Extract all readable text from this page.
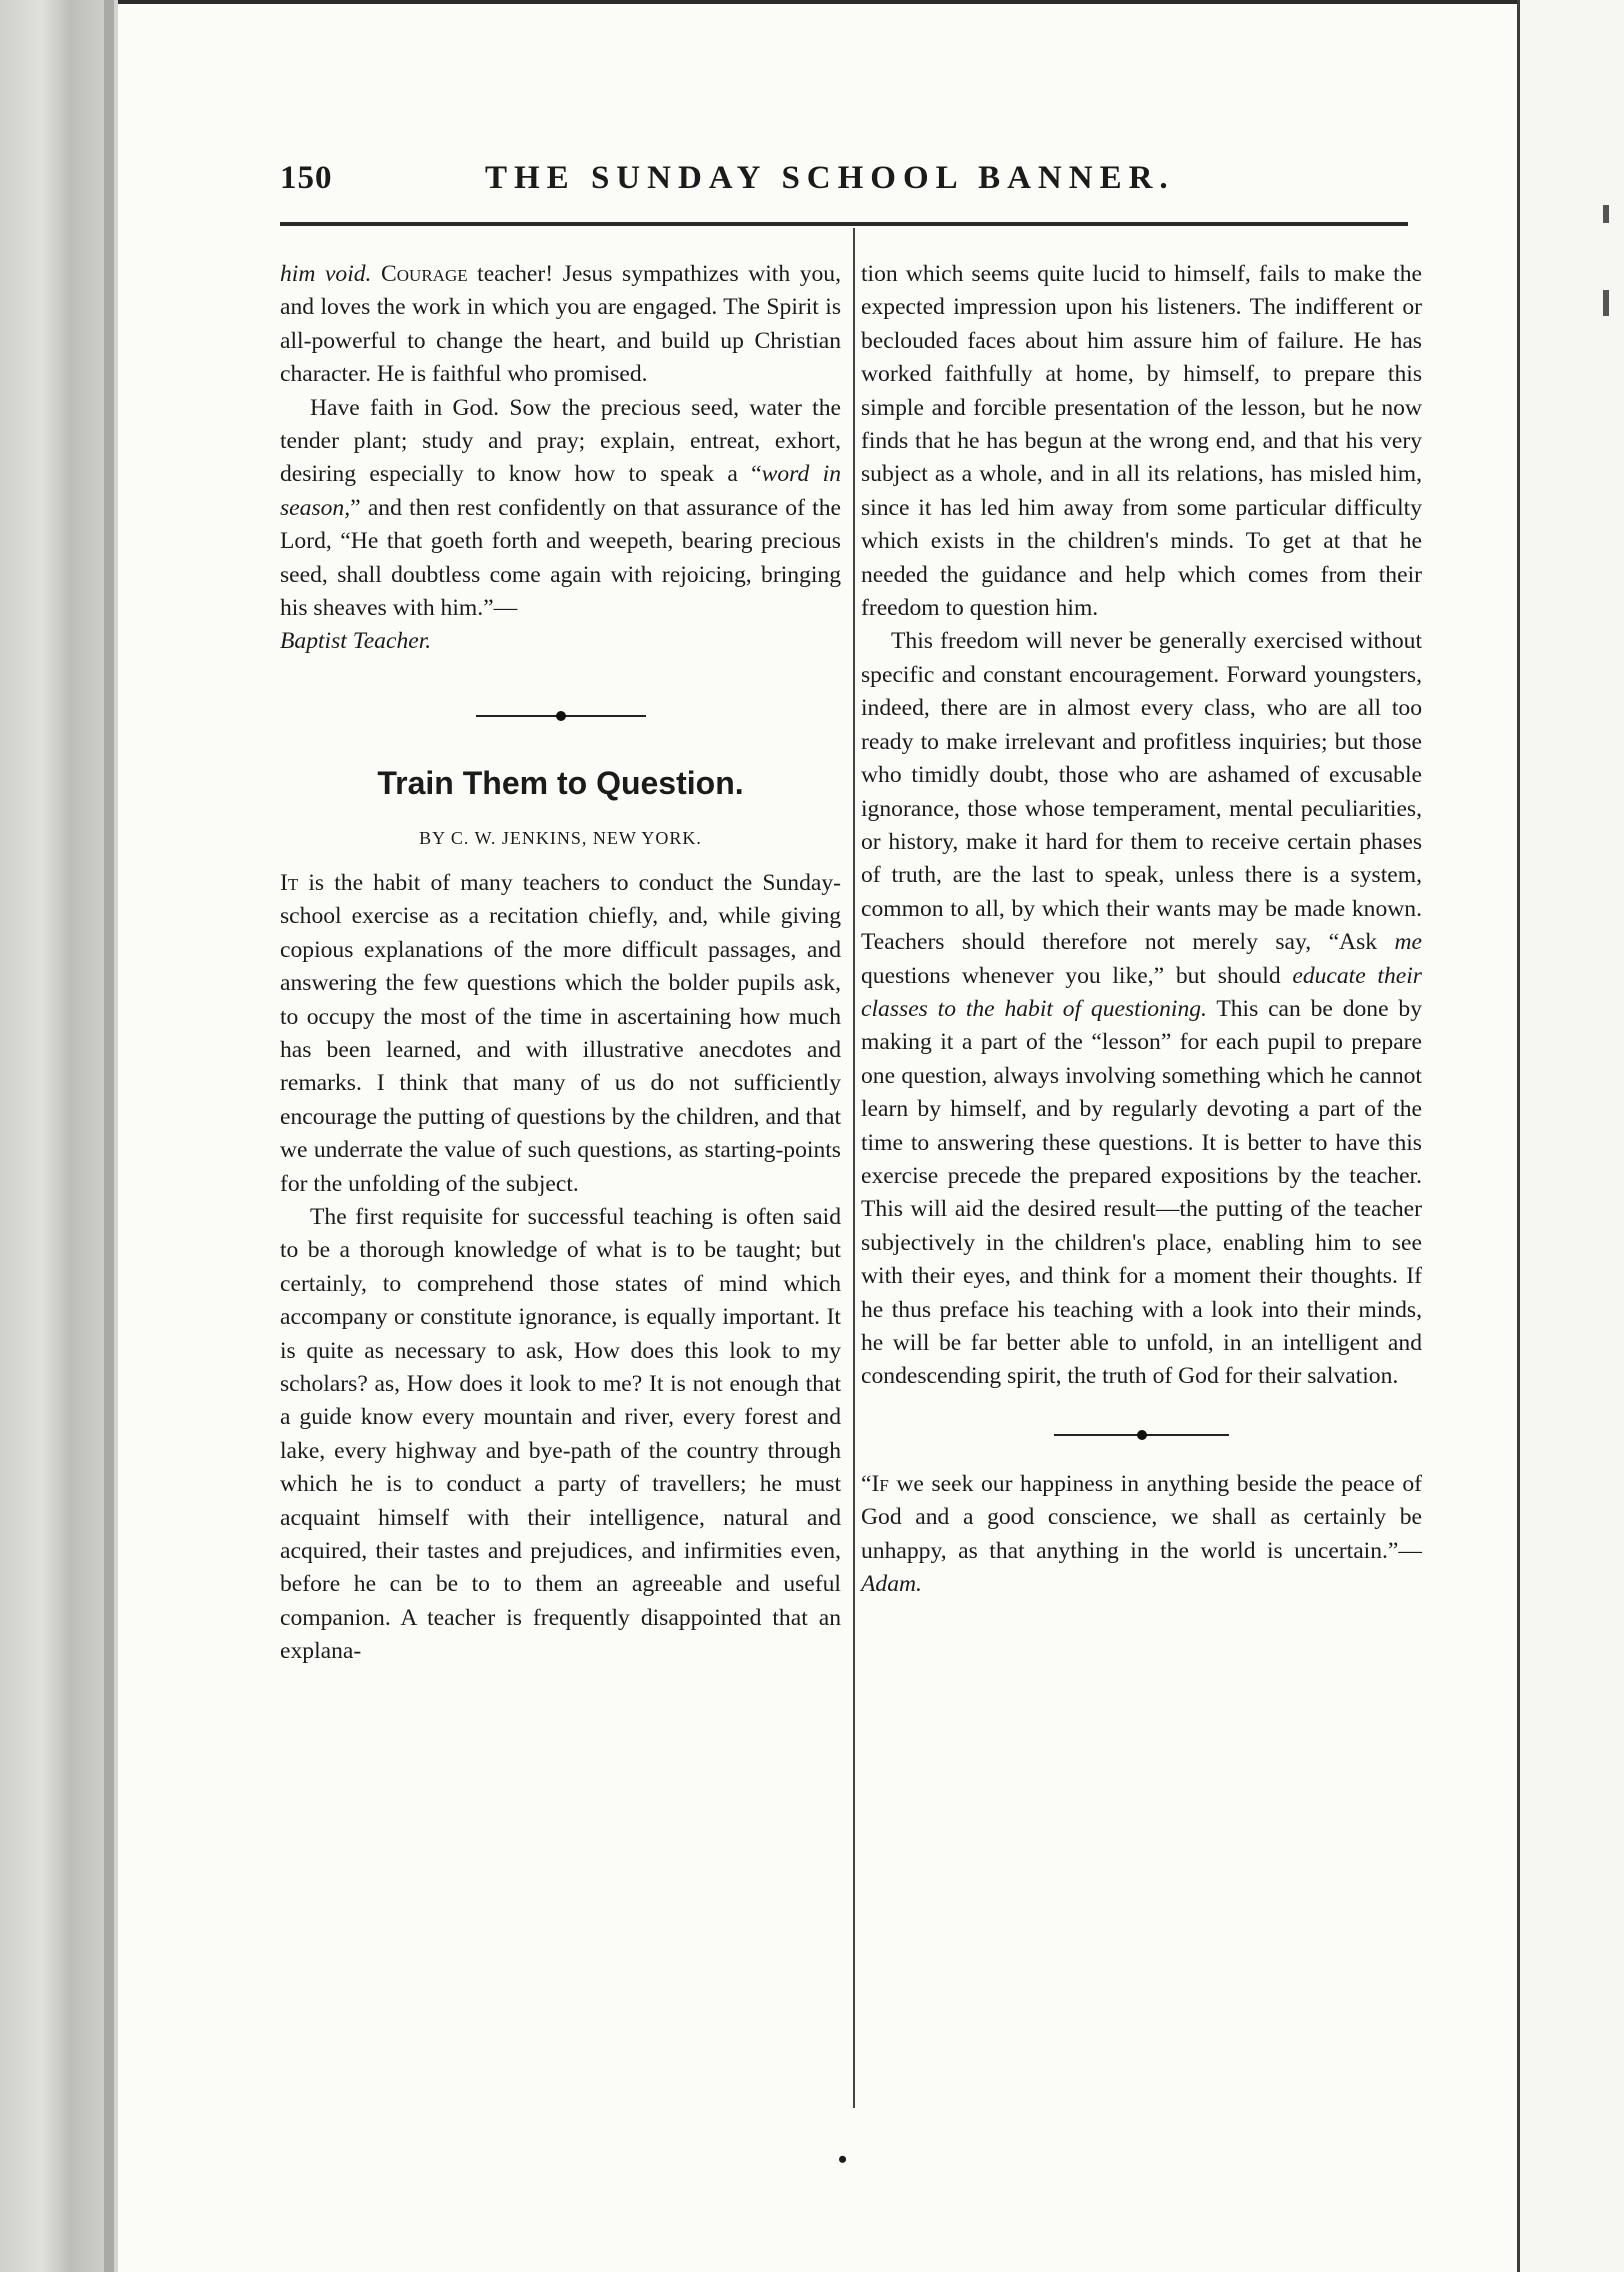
150	THE SUNDAY SCHOOL BANNER.

him void. Courage teacher! Jesus sympathizes with you, and loves the work in which you are engaged. The Spirit is all-powerful to change the heart, and build up Christian character. He is faithful who promised.

Have faith in God. Sow the precious seed, water the tender plant; study and pray; explain, entreat, exhort, desiring especially to know how to speak a “word in season,” and then rest confidently on that assurance of the Lord, “He that goeth forth and weepeth, bearing precious seed, shall doubtless come again with rejoicing, bringing his sheaves with him.”—

Baptist Teacher.

Train Them to Question.
BY C. W. JENKINS, NEW YORK.

It is the habit of many teachers to conduct the Sunday-school exercise as a recitation chiefly, and, while giving copious explanations of the more difficult passages, and answering the few questions which the bolder pupils ask, to occupy the most of the time in ascertaining how much has been learned, and with illustrative anecdotes and remarks. I think that many of us do not sufficiently encourage the putting of questions by the children, and that we underrate the value of such questions, as starting-points for the unfolding of the subject.

The first requisite for successful teaching is often said to be a thorough knowledge of what is to be taught; but certainly, to comprehend those states of mind which accompany or constitute ignorance, is equally important. It is quite as necessary to ask, How does this look to my scholars? as, How does it look to me? It is not enough that a guide know every mountain and river, every forest and lake, every highway and bye-path of the country through which he is to conduct a party of travellers; he must acquaint himself with their intelligence, natural and acquired, their tastes and prejudices, and infirmities even, before he can be to to them an agreeable and useful companion. A teacher is frequently disappointed that an explana-

tion which seems quite lucid to himself, fails to make the expected impression upon his listeners. The indifferent or beclouded faces about him assure him of failure. He has worked faithfully at home, by himself, to prepare this simple and forcible presentation of the lesson, but he now finds that he has begun at the wrong end, and that his very subject as a whole, and in all its relations, has misled him, since it has led him away from some particular difficulty which exists in the children's minds. To get at that he needed the guidance and help which comes from their freedom to question him.

This freedom will never be generally exercised without specific and constant encouragement. Forward youngsters, indeed, there are in almost every class, who are all too ready to make irrelevant and profitless inquiries; but those who timidly doubt, those who are ashamed of excusable ignorance, those whose temperament, mental peculiarities, or history, make it hard for them to receive certain phases of truth, are the last to speak, unless there is a system, common to all, by which their wants may be made known. Teachers should therefore not merely say, “Ask me questions whenever you like,” but should educate their classes to the habit of questioning. This can be done by making it a part of the “lesson” for each pupil to prepare one question, always involving something which he cannot learn by himself, and by regularly devoting a part of the time to answering these questions. It is better to have this exercise precede the prepared expositions by the teacher. This will aid the desired result—the putting of the teacher subjectively in the children's place, enabling him to see with their eyes, and think for a moment their thoughts. If he thus preface his teaching with a look into their minds, he will be far better able to unfold, in an intelligent and condescending spirit, the truth of God for their salvation.

“If we seek our happiness in anything beside the peace of God and a good conscience, we shall as certainly be unhappy, as that anything in the world is uncertain.”—Adam.

•
